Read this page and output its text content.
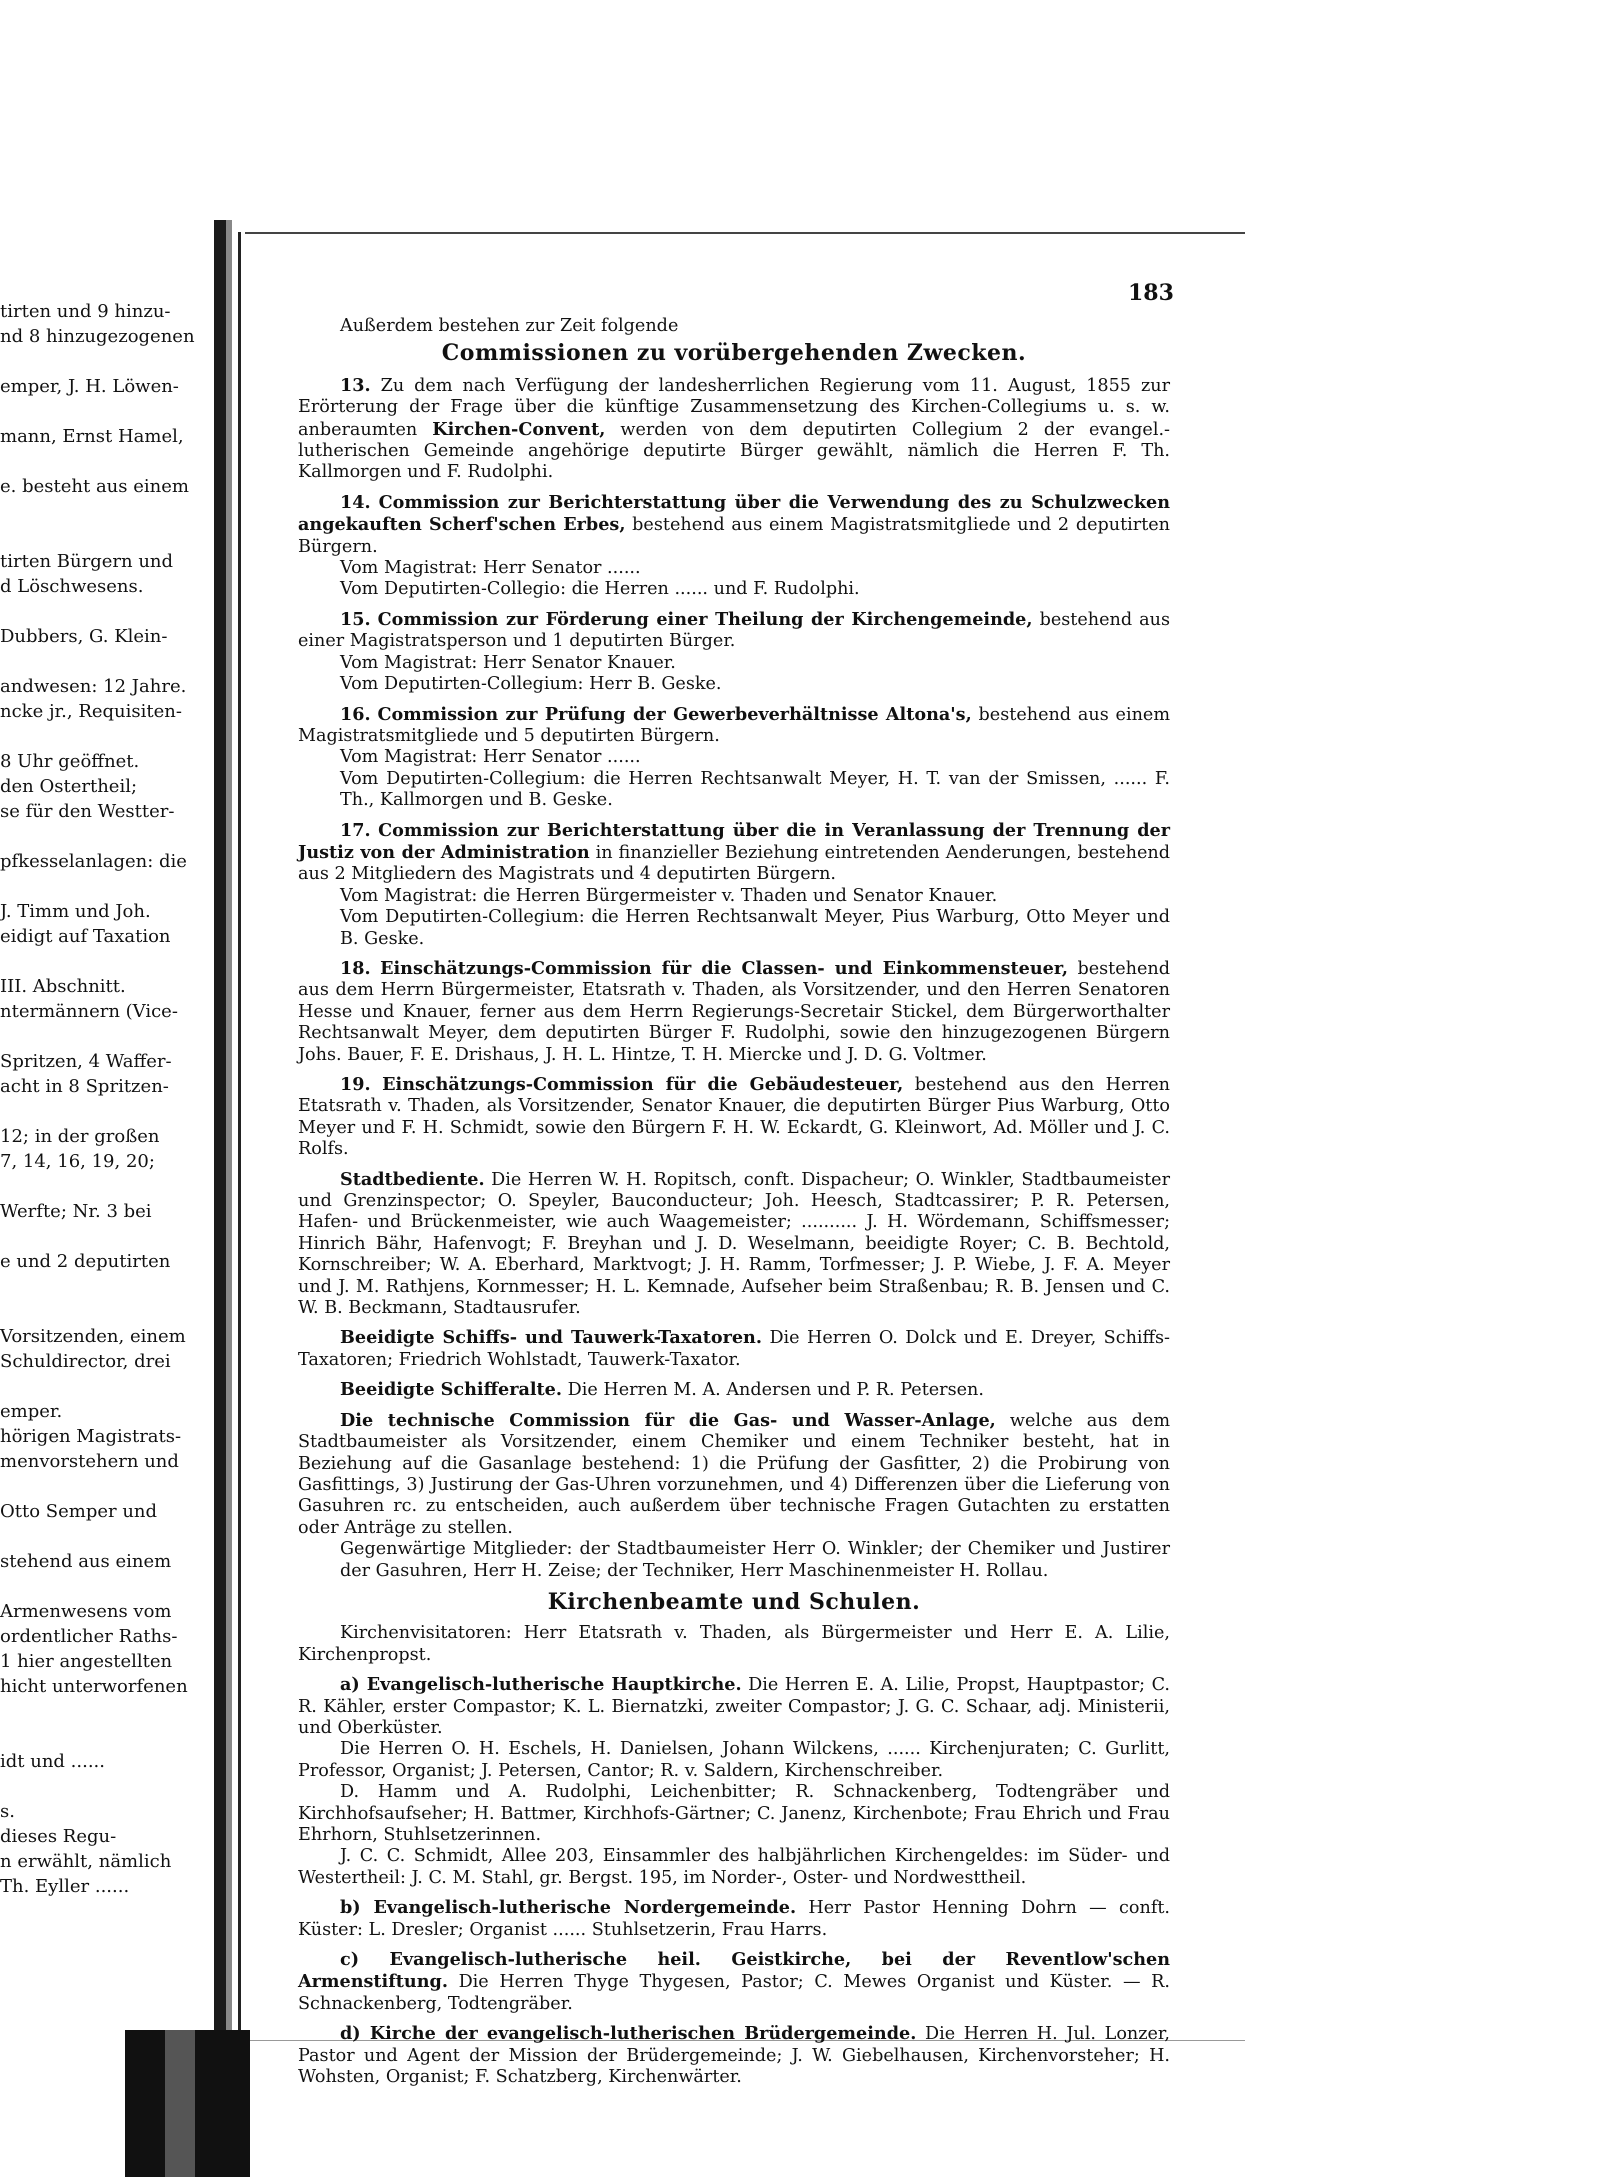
tirten und 9 hinzu-
nd 8 hinzugezogenen
emper, J. H. Löwen-
mann, Ernst Hamel,
e. besteht aus einem
tirten Bürgern und
d Löschwesens.
Dubbers, G. Klein-
andwesen: 12 Jahre.
ncke jr., Requisiten-
8 Uhr geöffnet.
den Ostertheil;
se für den Westter-
pfkesselanlagen: die
J. Timm und Joh.
eidigt auf Taxation
III. Abschnitt.
ntermännern (Vice-
Spritzen, 4 Waffer-
acht in 8 Spritzen-
12; in der großen
7, 14, 16, 19, 20;
Werfte; Nr. 3 bei
e und 2 deputirten
Vorsitzenden, einem
Schuldirector, drei
emper.
hörigen Magistrats-
menvorstehern und
Otto Semper und
stehend aus einem
Armenwesens vom
ordentlicher Raths-
1 hier angestellten
hicht unterworfenen
idt und ......
s.
dieses Regu-
n erwählt, nämlich
Th. Eyller ......
183
Außerdem bestehen zur Zeit folgende
Commissionen zu vorübergehenden Zwecken.
13. Zu dem nach Verfügung der landesherrlichen Regierung vom 11. August, 1855 zur Erörterung der Frage über die künftige Zusammensetzung des Kirchen-Collegiums u. s. w. anberaumten Kirchen-Convent, werden von dem deputirten Collegium 2 der evangel.-lutherischen Gemeinde angehörige deputirte Bürger gewählt, nämlich die Herren F. Th. Kallmorgen und F. Rudolphi.
14. Commission zur Berichterstattung über die Verwendung des zu Schulzwecken angekauften Scherf'schen Erbes, bestehend aus einem Magistratsmitgliede und 2 deputirten Bürgern.
Vom Magistrat: Herr Senator ......
Vom Deputirten-Collegio: die Herren ...... und F. Rudolphi.
15. Commission zur Förderung einer Theilung der Kirchengemeinde, bestehend aus einer Magistratsperson und 1 deputirten Bürger.
Vom Magistrat: Herr Senator Knauer.
Vom Deputirten-Collegium: Herr B. Geske.
16. Commission zur Prüfung der Gewerbeverhältnisse Altona's, bestehend aus einem Magistratsmitgliede und 5 deputirten Bürgern.
Vom Magistrat: Herr Senator ......
Vom Deputirten-Collegium: die Herren Rechtsanwalt Meyer, H. T. van der Smissen, ...... F. Th., Kallmorgen und B. Geske.
17. Commission zur Berichterstattung über die in Veranlassung der Trennung der Justiz von der Administration in finanzieller Beziehung eintretenden Aenderungen, bestehend aus 2 Mitgliedern des Magistrats und 4 deputirten Bürgern.
Vom Magistrat: die Herren Bürgermeister v. Thaden und Senator Knauer.
Vom Deputirten-Collegium: die Herren Rechtsanwalt Meyer, Pius Warburg, Otto Meyer und B. Geske.
18. Einschätzungs-Commission für die Classen- und Einkommensteuer, bestehend aus dem Herrn Bürgermeister, Etatsrath v. Thaden, als Vorsitzender, und den Herren Senatoren Hesse und Knauer, ferner aus dem Herrn Regierungs-Secretair Stickel, dem Bürgerworthalter Rechtsanwalt Meyer, dem deputirten Bürger F. Rudolphi, sowie den hinzugezogenen Bürgern Johs. Bauer, F. E. Drishaus, J. H. L. Hintze, T. H. Miercke und J. D. G. Voltmer.
19. Einschätzungs-Commission für die Gebäudesteuer, bestehend aus den Herren Etatsrath v. Thaden, als Vorsitzender, Senator Knauer, die deputirten Bürger Pius Warburg, Otto Meyer und F. H. Schmidt, sowie den Bürgern F. H. W. Eckardt, G. Kleinwort, Ad. Möller und J. C. Rolfs.
Stadtbediente. Die Herren W. H. Ropitsch, conft. Dispacheur; O. Winkler, Stadtbaumeister und Grenzinspector; O. Speyler, Bauconducteur; Joh. Heesch, Stadtcassirer; P. R. Petersen, Hafen- und Brückenmeister, wie auch Waagemeister; .......... J. H. Wördemann, Schiffsmesser; Hinrich Bähr, Hafenvogt; F. Breyhan und J. D. Weselmann, beeidigte Royer; C. B. Bechtold, Kornschreiber; W. A. Eberhard, Marktvogt; J. H. Ramm, Torfmesser; J. P. Wiebe, J. F. A. Meyer und J. M. Rathjens, Kornmesser; H. L. Kemnade, Aufseher beim Straßenbau; R. B. Jensen und C. W. B. Beckmann, Stadtausrufer.
Beeidigte Schiffs- und Tauwerk-Taxatoren. Die Herren O. Dolck und E. Dreyer, Schiffs-Taxatoren; Friedrich Wohlstadt, Tauwerk-Taxator.
Beeidigte Schifferalte. Die Herren M. A. Andersen und P. R. Petersen.
Die technische Commission für die Gas- und Wasser-Anlage, welche aus dem Stadtbaumeister als Vorsitzender, einem Chemiker und einem Techniker besteht, hat in Beziehung auf die Gasanlage bestehend: 1) die Prüfung der Gasfitter, 2) die Probirung von Gasfittings, 3) Justirung der Gas-Uhren vorzunehmen, und 4) Differenzen über die Lieferung von Gasuhren rc. zu entscheiden, auch außerdem über technische Fragen Gutachten zu erstatten oder Anträge zu stellen.
Gegenwärtige Mitglieder: der Stadtbaumeister Herr O. Winkler; der Chemiker und Justirer der Gasuhren, Herr H. Zeise; der Techniker, Herr Maschinenmeister H. Rollau.
Kirchenbeamte und Schulen.
Kirchenvisitatoren: Herr Etatsrath v. Thaden, als Bürgermeister und Herr E. A. Lilie, Kirchenpropst.
a) Evangelisch-lutherische Hauptkirche. Die Herren E. A. Lilie, Propst, Hauptpastor; C. R. Kähler, erster Compastor; K. L. Biernatzki, zweiter Compastor; J. G. C. Schaar, adj. Ministerii, und Oberküster.
Die Herren O. H. Eschels, H. Danielsen, Johann Wilckens, ...... Kirchenjuraten; C. Gurlitt, Professor, Organist; J. Petersen, Cantor; R. v. Saldern, Kirchenschreiber.
D. Hamm und A. Rudolphi, Leichenbitter; R. Schnackenberg, Todtengräber und Kirchhofsaufseher; H. Battmer, Kirchhofs-Gärtner; C. Janenz, Kirchenbote; Frau Ehrich und Frau Ehrhorn, Stuhlsetzerinnen.
J. C. C. Schmidt, Allee 203, Einsammler des halbjährlichen Kirchengeldes: im Süder- und Westertheil: J. C. M. Stahl, gr. Bergst. 195, im Norder-, Oster- und Nordwesttheil.
b) Evangelisch-lutherische Nordergemeinde. Herr Pastor Henning Dohrn — conft. Küster: L. Dresler; Organist ...... Stuhlsetzerin, Frau Harrs.
c) Evangelisch-lutherische heil. Geistkirche, bei der Reventlow'schen Armenstiftung. Die Herren Thyge Thygesen, Pastor; C. Mewes Organist und Küster. — R. Schnackenberg, Todtengräber.
d) Kirche der evangelisch-lutherischen Brüdergemeinde. Die Herren H. Jul. Lonzer, Pastor und Agent der Mission der Brüdergemeinde; J. W. Giebelhausen, Kirchenvorsteher; H. Wohsten, Organist; F. Schatzberg, Kirchenwärter.
